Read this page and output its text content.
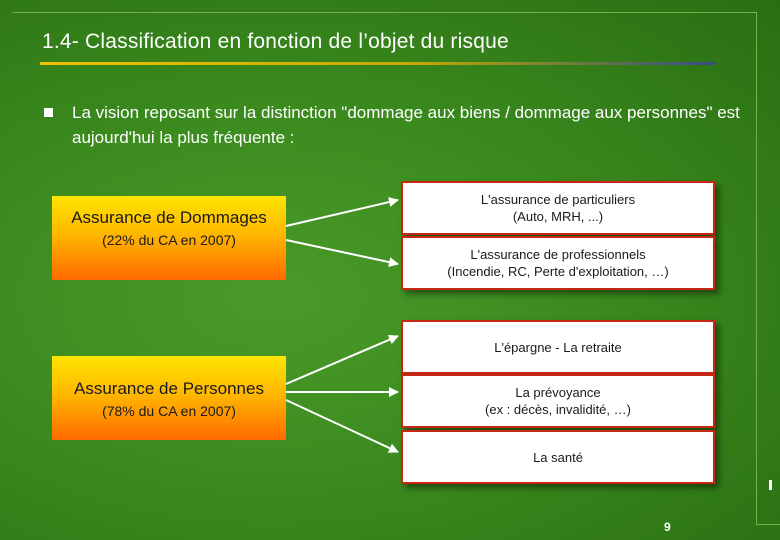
1.4- Classification en fonction de l’objet du risque
La vision reposant sur la distinction "dommage aux biens / dommage aux personnes" est aujourd'hui la plus fréquente :
Assurance de Dommages
(22% du CA en 2007)
Assurance de Personnes
(78% du CA en 2007)
L'assurance de particuliers
(Auto, MRH, ...)
L'assurance de professionnels
(Incendie, RC, Perte d'exploitation, …)
L'épargne - La retraite
La prévoyance
(ex : décès, invalidité, …)
La santé
9
